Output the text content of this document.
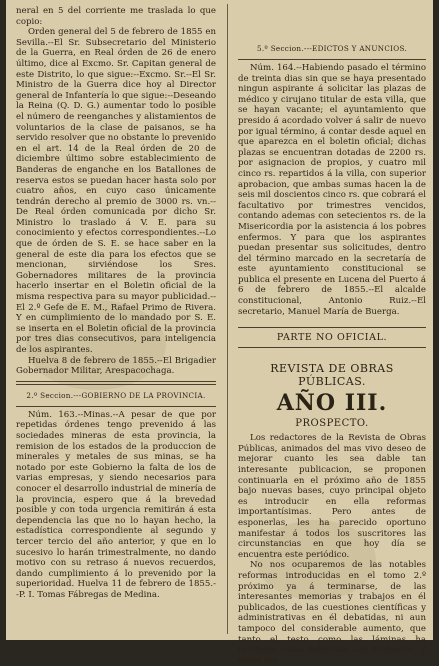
neral en 5 del corriente me traslada lo que copio:

Orden general del 5 de febrero de 1855 en Sevilla.--El Sr. Subsecretario del Ministerio de la Guerra, en Real órden de 26 de enero último, dice al Excmo. Sr. Capitan general de este Distrito, lo que sigue:--Excmo. Sr.--El Sr. Ministro de la Guerra dice hoy al Director general de Infantería lo que sigue:--Deseando la Reina (Q. D. G.) aumentar todo lo posible el número de reenganches y alistamientos de voluntarios de la clase de paisanos, se ha servido resolver que no obstante lo prevenido en el art. 14 de la Real órden de 20 de diciembre último sobre establecimiento de Banderas de enganche en los Batallones de reserva estos se puedan hacer hasta solo por cuatro años, en cuyo caso únicamente tendrán derecho al premio de 3000 rs. vn.--De Real órden comunicada por dicho Sr. Ministro lo traslado á V. E. para su conocimiento y efectos correspondientes.--Lo que de órden de S. E. se hace saber en la general de este dia para los efectos que se mencionan, sirviéndose los Sres. Gobernadores militares de la provincia hacerlo insertar en el Boletin oficial de la misma respectiva para su mayor publicidad.--El 2.º Gefe de E. M., Rafael Primo de Rivera. Y en cumplimiento de lo mandado por S. E. se inserta en el Boletin oficial de la provincia por tres dias consecutivos, para inteligencia de los aspirantes.

Huelva 8 de febrero de 1855.--El Brigadier Gobernador Militar, Arespacochaga.

2.º Seccion.---GOBIERNO DE LA PROVINCIA.

Núm. 163.--Minas.--A pesar de que por repetidas órdenes tengo prevenido á las sociedades mineras de esta provincia, la remision de los estados de la produccion de minerales y metales de sus minas, se ha notado por este Gobierno la falta de los de varias empresas, y siendo necesarios para conocer el desarrollo industrial de minería de la provincia, espero que á la brevedad posible y con toda urgencia remitirán á esta dependencia las que no lo hayan hecho, la estadística correspondiente al segundo y tercer tercio del año anterior, y que en lo sucesivo lo harán trimestralmente, no dando motivo con su retraso á nuevos recuerdos, dando cumplimiento á lo prevenido por la superioridad. Huelva 11 de febrero de 1855.--P. I. Tomas Fábregas de Medina.

5.º Seccion.---EDICTOS Y ANUNCIOS.

Núm. 164.--Habiendo pasado el término de treinta dias sin que se haya presentado ningun aspirante á solicitar las plazas de médico y cirujano titular de esta villa, que se hayan vacante; el ayuntamiento que presido á acordado volver á salir de nuevo por igual término, á contar desde aquel en que aparezca en el boletin oficial; dichas plazas se encuentran dotadas de 2200 rs. por asignacion de propios, y cuatro mil cinco rs. repartidos á la villa, con superior aprobacion, que ambas sumas hacen la de seis mil doscientos cinco rs. que cobrará el facultativo por trimestres vencidos, contando ademas con setecientos rs. de la Misericordia por la asistencia á los pobres enfermos. Y para que los aspirantes puedan presentar sus solicitudes, dentro del término marcado en la secretaría de este ayuntamiento constitucional se publica el presente en Lucena del Puerto á 6 de febrero de 1855.--El alcalde constitucional, Antonio Ruiz.--El secretario, Manuel María de Buerga.

PARTE NO OFICIAL.
REVISTA DE OBRAS PÚBLICAS.
AÑO III.
PROSPECTO.

Los redactores de la Revista de Obras Públicas, animados del mas vivo deseo de mejorar cuanto les sea dable tan interesante publicacion, se proponen continuarla en el próximo año de 1855 bajo nuevas bases, cuyo principal objeto es introducir en ella reformas importantísimas. Pero antes de esponerlas, les ha parecido oportuno manifestar á todos los suscritores las circunstancias en que hoy día se encuentra este periódico.

No nos ocuparemos de las notables reformas introducidas en el tomo 2.º próximo ya á terminarse, de las interesantes memorias y trabajos en él publicados, de las cuestiones científicas y administrativas en él debatidas, ni aun tampoco del considerable aumento, que tanto el testo como las láminas ha recibido; estas reformas son evidentes, y todos los
